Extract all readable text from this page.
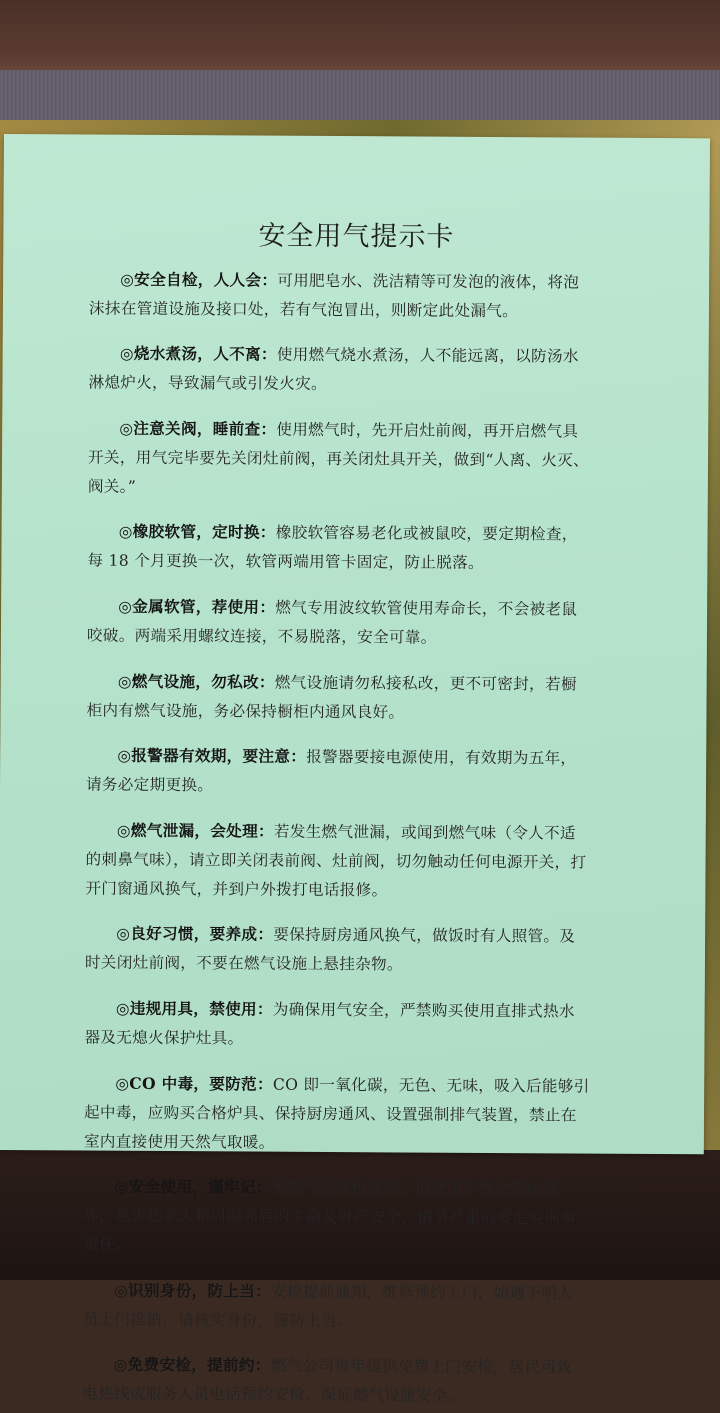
安全用气提示卡

◎安全自检，人人会：可用肥皂水、洗洁精等可发泡的液体，将泡沫抹在管道设施及接口处，若有气泡冒出，则断定此处漏气。

◎烧水煮汤，人不离：使用燃气烧水煮汤，人不能远离，以防汤水淋熄炉火，导致漏气或引发火灾。

◎注意关阀，睡前查：使用燃气时，先开启灶前阀，再开启燃气具开关，用气完毕要先关闭灶前阀，再关闭灶具开关，做到“人离、火灭、阀关。”

◎橡胶软管，定时换：橡胶软管容易老化或被鼠咬，要定期检查，每 18 个月更换一次，软管两端用管卡固定，防止脱落。

◎金属软管，荐使用：燃气专用波纹软管使用寿命长，不会被老鼠咬破。两端采用螺纹连接，不易脱落，安全可靠。

◎燃气设施，勿私改：燃气设施请勿私接私改，更不可密封，若橱柜内有燃气设施，务必保持橱柜内通风良好。

◎报警器有效期，要注意：报警器要接电源使用，有效期为五年，请务必定期更换。

◎燃气泄漏，会处理：若发生燃气泄漏，或闻到燃气味（令人不适的刺鼻气味），请立即关闭表前阀、灶前阀，切勿触动任何电源开关，打开门窗通风换气，并到户外拨打电话报修。

◎良好习惯，要养成：要保持厨房通风换气，做饭时有人照管。及时关闭灶前阀，不要在燃气设施上悬挂杂物。

◎违规用具，禁使用：为确保用气安全，严禁购买使用直排式热水器及无熄火保护灶具。

◎CO 中毒，要防范：CO 即一氧化碳，无色、无味，吸入后能够引起中毒，应购买合格炉具、保持厨房通风、设置强制排气装置，禁止在室内直接使用天然气取暖。

◎安全使用，谨牢记：天然气是绿色能源，但使用不当会造成爆炸，危害您家人和周围邻居的生命及财产安全，情节严重的要追究刑事责任。

◎识别身份，防上当：安检提前通知，维修预约上门，如遇不明人员上门推销，请核实身份，谨防上当。

◎免费安检，提前约：燃气公司每年提供免费上门安检，居民可致电热线或服务人员电话预约安检，保证燃气设施安全。
